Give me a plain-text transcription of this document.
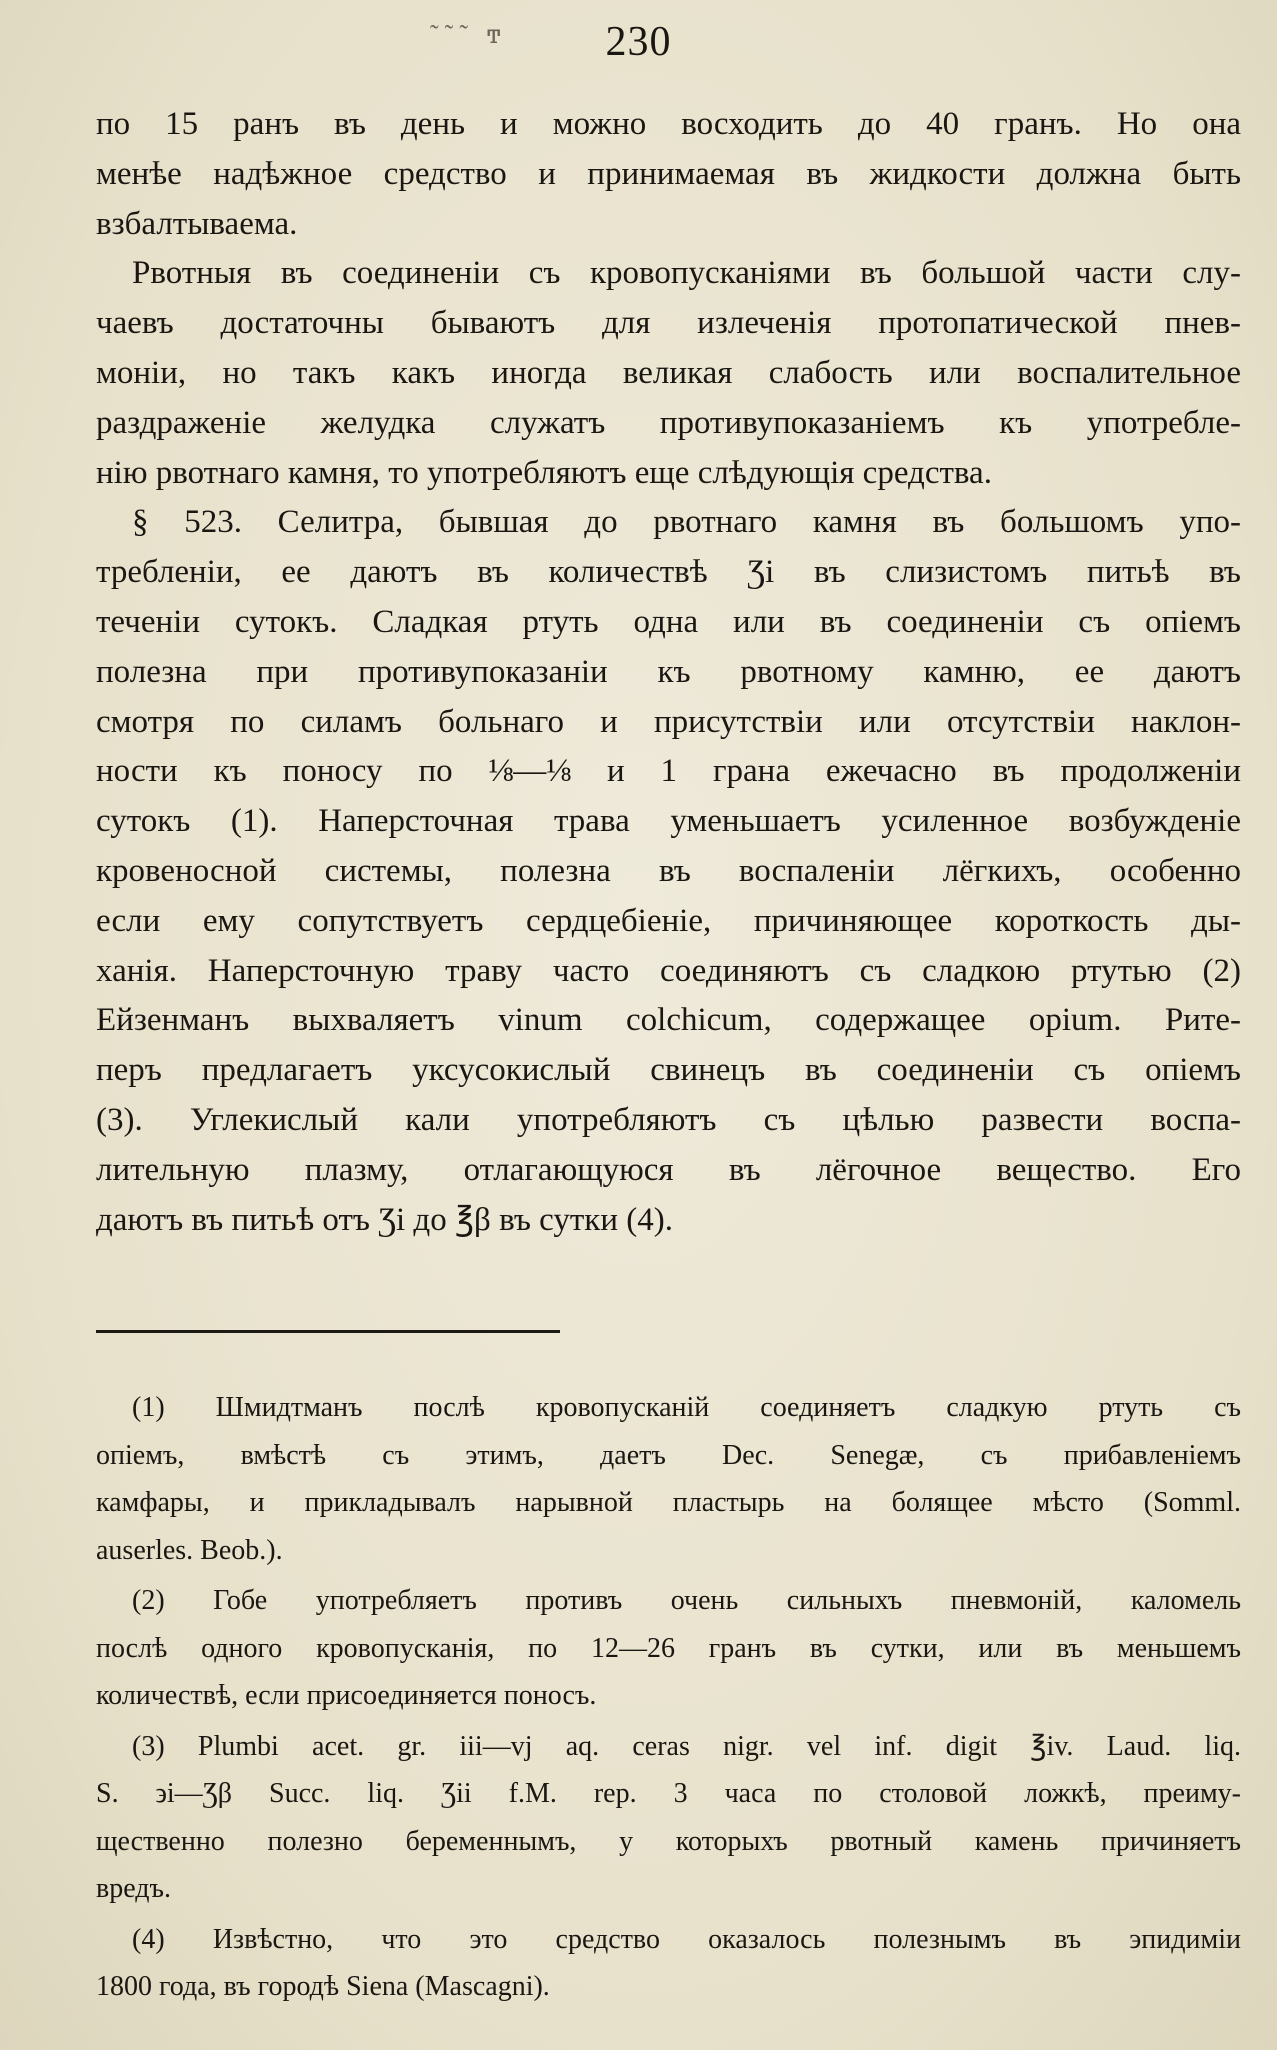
˜˜˜ ͳ	230

по 15 ранъ въ день и можно восходить до 40 гранъ. Но она
менѣе надѣжное средство и принимаемая въ жидкости должна быть
взбалтываема.

Рвотныя въ соединеніи съ кровопусканіями въ большой части слу-
чаевъ достаточны бываютъ для излеченія протопатической пнев-
моніи, но такъ какъ иногда великая слабость или воспалительное
раздраженіе желудка служатъ противупоказаніемъ къ употребле-
нію рвотнаго камня, то употребляютъ еще слѣдующія средства.

§ 523. Селитра, бывшая до рвотнаго камня въ большомъ упо-
требленіи, ее даютъ въ количествѣ Ʒі въ слизистомъ питьѣ въ
теченіи сутокъ. Сладкая ртуть одна или въ соединеніи съ опіемъ
полезна при противупоказаніи къ рвотному камню, ее даютъ
смотря по силамъ больнаго и присутствіи или отсутствіи наклон-
ности къ поносу по ⅛—⅛ и 1 грана ежечасно въ продолженіи
сутокъ (1). Наперсточная трава уменьшаетъ усиленное возбужденіе
кровеносной системы, полезна въ воспаленіи лёгкихъ, особенно
если ему сопутствуетъ сердцебіеніе, причиняющее короткость ды-
ханія. Наперсточную траву часто соединяютъ съ сладкою ртутью (2)
Ейзенманъ выхваляетъ vinum colchicum, содержащее opium. Рите-
перъ предлагаетъ уксусокислый свинецъ въ соединеніи съ опіемъ
(3). Углекислый кали употребляютъ съ цѣлью развести воспа-
лительную плазму, отлагающуюся въ лёгочное вещество. Его
даютъ въ питьѣ отъ Ʒі до ℥β въ сутки (4).

(1) Шмидтманъ послѣ кровопусканій соединяетъ сладкую ртуть съ
опіемъ, вмѣстѣ съ этимъ, даетъ Dec. Senegæ, съ прибавленіемъ
камфары, и прикладывалъ нарывной пластырь на болящее мѣсто (Somml.
auserles. Beob.).

(2) Гобе употребляетъ противъ очень сильныхъ пневмоній, каломель
послѣ одного кровопусканія, по 12—26 гранъ въ сутки, или въ меньшемъ
количествѣ, если присоединяется поносъ.

(3) Plumbi acet. gr. iii—vj aq. ceras nigr. vel inf. digit ℥iv. Laud. liq.
S. ϶i—Ʒβ Succ. liq. Ʒii f.M. rep. 3 часа по столовой ложкѣ, преиму-
щественно полезно беременнымъ, у которыхъ рвотный камень причиняетъ
вредъ.

(4) Извѣстно, что это средство оказалось полезнымъ въ эпидиміи
1800 года, въ городѣ Siena (Mascagni).
